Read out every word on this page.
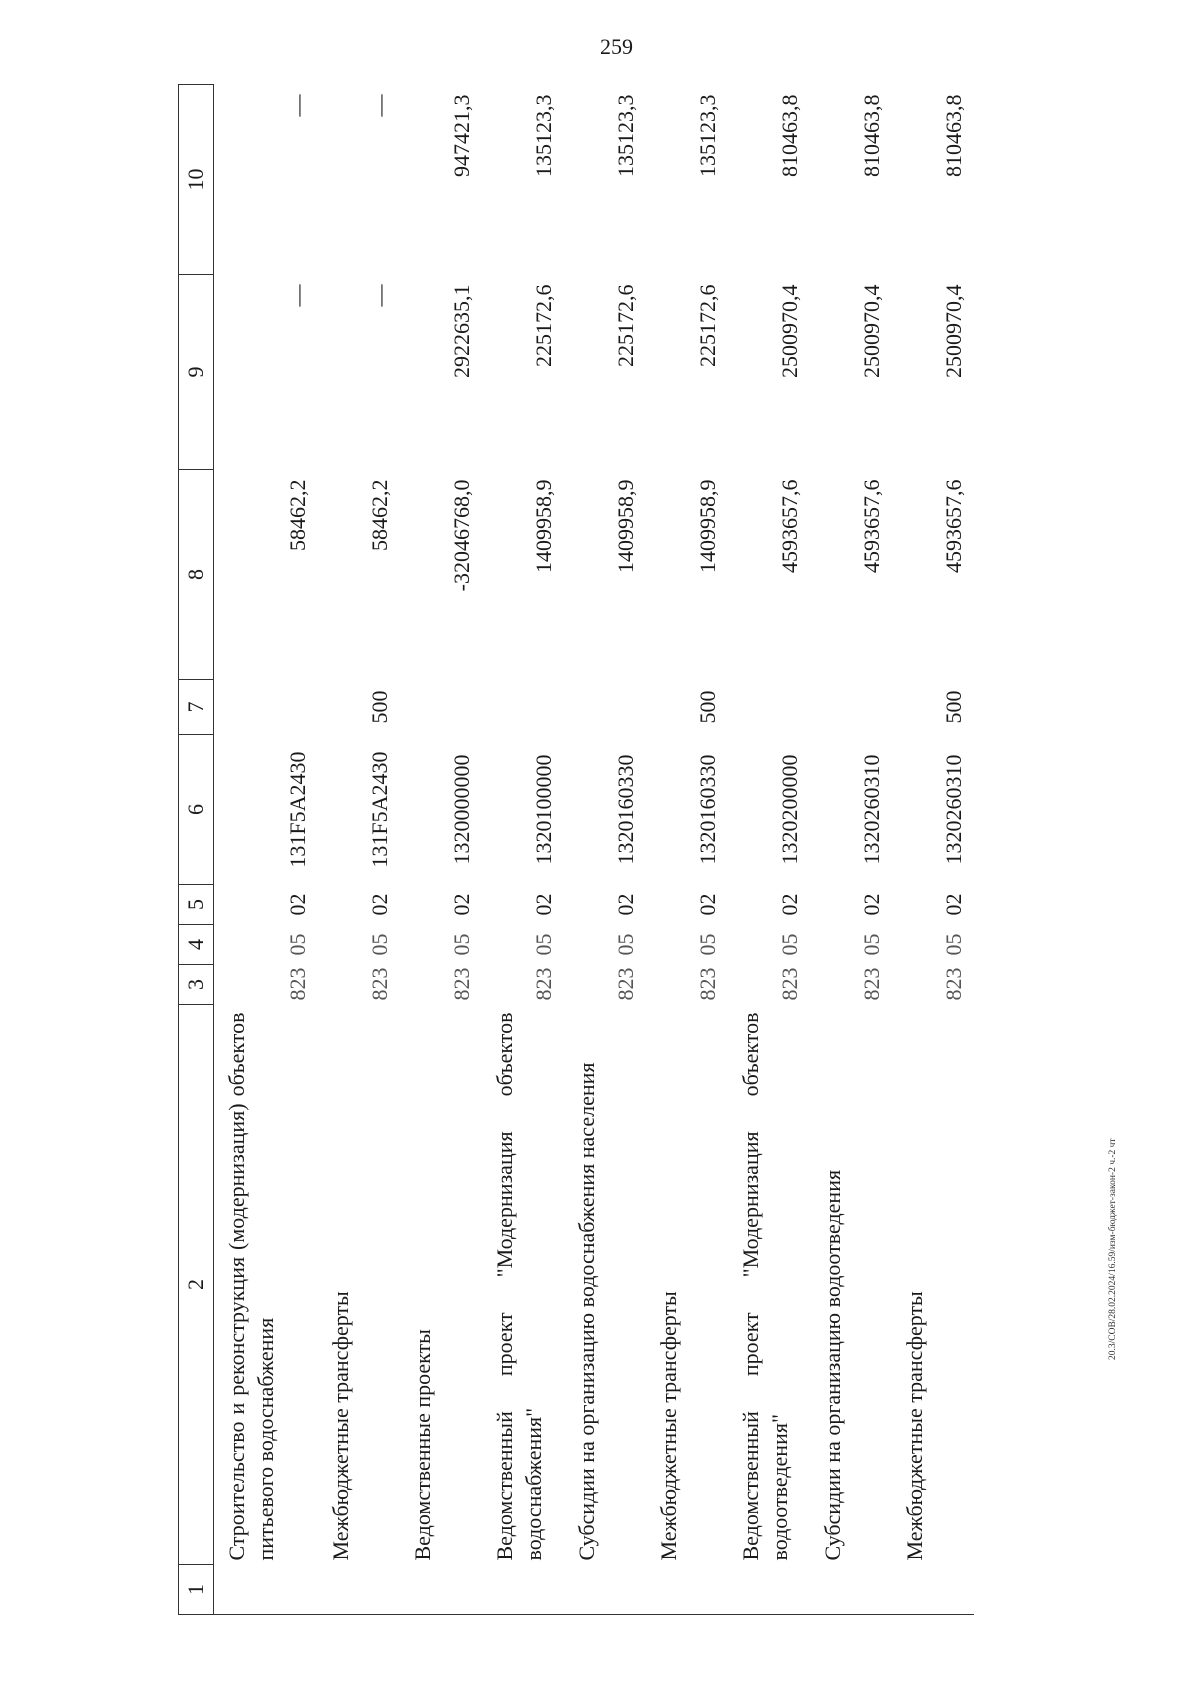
259
20.3/СОВ/28.02.2024/16.59/изм-бюджет-закон-2 ч.-2 чт
1	2	3	4	5	6	7	8	9	10
	Строительство и реконструкция (модернизация) объектов питьевого водоснабжения	823	05	02	131F5A2430		58462,2	—	—
	Межбюджетные трансферты	823	05	02	131F5A2430	500	58462,2	—	—
	Ведомственные проекты	823	05	02	1320000000		-32046768,0	2922635,1	947421,3
	Ведомственный проект "Модернизация объектов водоснабжения"	823	05	02	1320100000		1409958,9	225172,6	135123,3
	Субсидии на организацию водоснабжения населения	823	05	02	1320160330		1409958,9	225172,6	135123,3
	Межбюджетные трансферты	823	05	02	1320160330	500	1409958,9	225172,6	135123,3
	Ведомственный проект "Модернизация объектов водоотведения"	823	05	02	1320200000		4593657,6	2500970,4	810463,8
	Субсидии на организацию водоотведения	823	05	02	1320260310		4593657,6	2500970,4	810463,8
	Межбюджетные трансферты	823	05	02	1320260310	500	4593657,6	2500970,4	810463,8
